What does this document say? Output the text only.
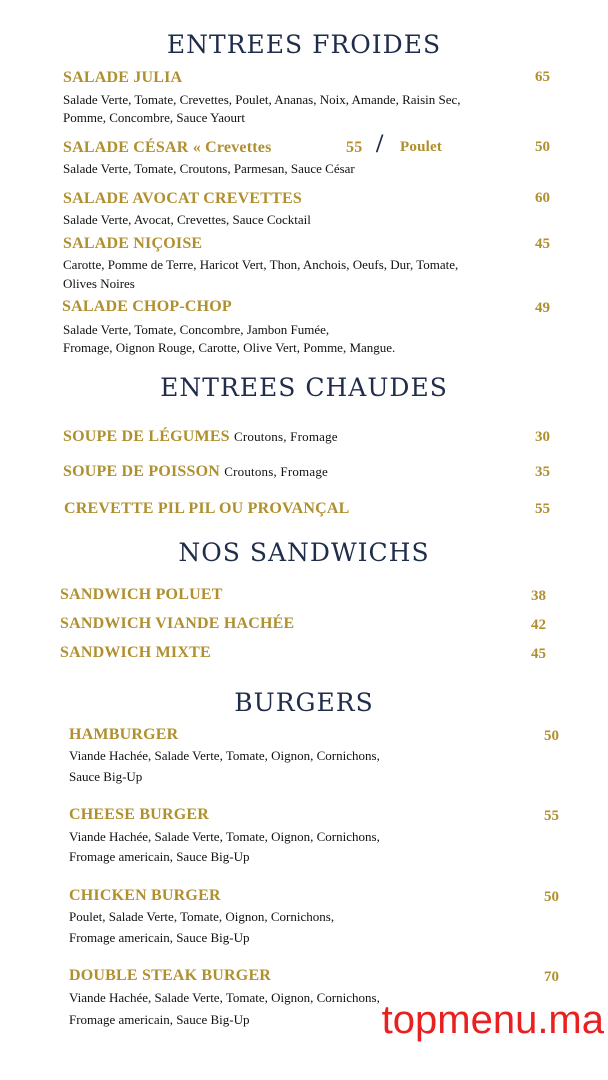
ENTREES FROIDES
SALADE JULIA	65
Salade Verte, Tomate, Crevettes, Poulet, Ananas, Noix, Amande, Raisin Sec,
Pomme, Concombre, Sauce Yaourt
SALADE CÉSAR « Crevettes	55 / Poulet	50
Salade Verte, Tomate, Croutons, Parmesan, Sauce César
SALADE AVOCAT CREVETTES	60
Salade Verte, Avocat, Crevettes, Sauce Cocktail
SALADE NIÇOISE	45
Carotte, Pomme de Terre, Haricot Vert, Thon, Anchois, Oeufs, Dur, Tomate,
Olives Noires
SALADE CHOP-CHOP	49
Salade Verte, Tomate, Concombre, Jambon Fumée,
Fromage, Oignon Rouge, Carotte, Olive Vert, Pomme, Mangue.
ENTREES CHAUDES
SOUPE DE LÉGUMES Croutons, Fromage	30
SOUPE DE POISSON Croutons, Fromage	35
CREVETTE PIL PIL OU PROVANÇAL	55
NOS SANDWICHS
SANDWICH POLUET	38
SANDWICH VIANDE HACHÉE	42
SANDWICH MIXTE	45
BURGERS
HAMBURGER	50
Viande Hachée, Salade Verte, Tomate, Oignon, Cornichons,
Sauce Big-Up
CHEESE BURGER	55
Viande Hachée, Salade Verte, Tomate, Oignon, Cornichons,
Fromage americain, Sauce Big-Up
CHICKEN BURGER	50
Poulet, Salade Verte, Tomate, Oignon, Cornichons,
Fromage americain, Sauce Big-Up
DOUBLE STEAK BURGER	70
Viande Hachée, Salade Verte, Tomate, Oignon, Cornichons,
Fromage americain, Sauce Big-Up	topmenu.ma
